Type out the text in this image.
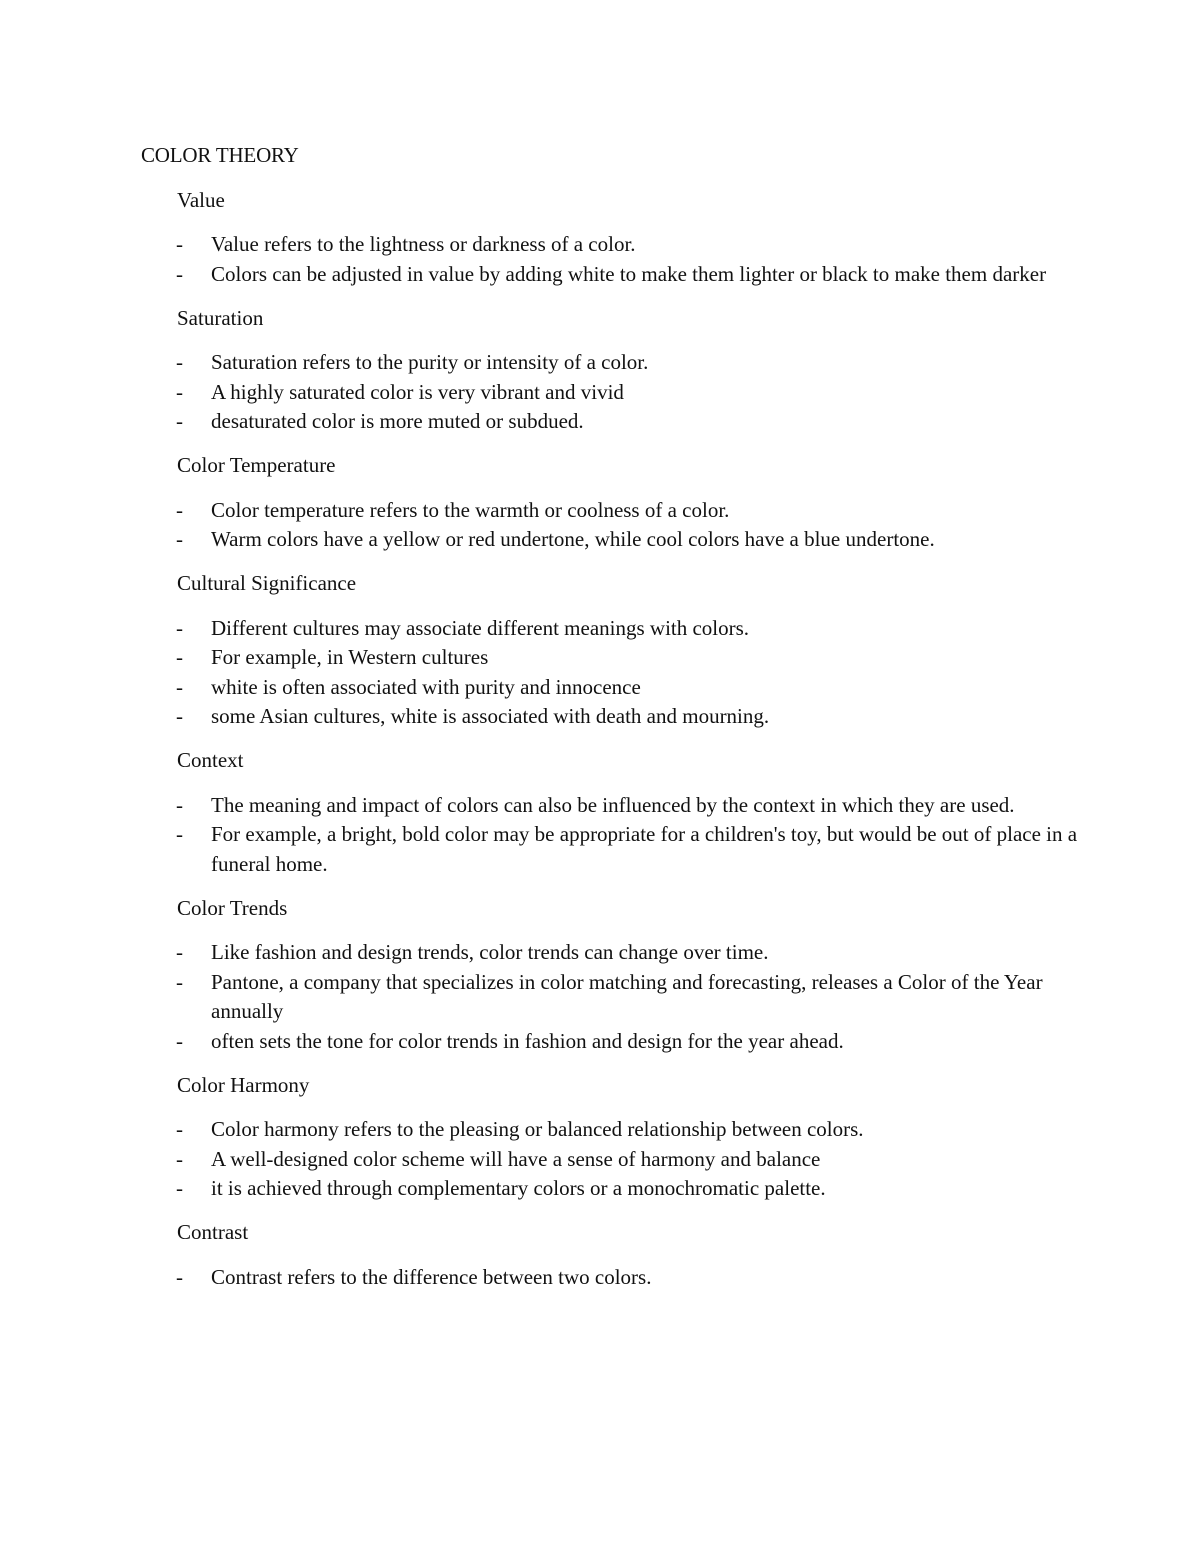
COLOR THEORY
Value
- Value refers to the lightness or darkness of a color.
- Colors can be adjusted in value by adding white to make them lighter or black to make them darker
Saturation
- Saturation refers to the purity or intensity of a color.
- A highly saturated color is very vibrant and vivid
- desaturated color is more muted or subdued.
Color Temperature
- Color temperature refers to the warmth or coolness of a color.
- Warm colors have a yellow or red undertone, while cool colors have a blue undertone.
Cultural Significance
- Different cultures may associate different meanings with colors.
- For example, in Western cultures
- white is often associated with purity and innocence
- some Asian cultures, white is associated with death and mourning.
Context
- The meaning and impact of colors can also be influenced by the context in which they are used.
- For example, a bright, bold color may be appropriate for a children's toy, but would be out of place in a funeral home.
Color Trends
- Like fashion and design trends, color trends can change over time.
- Pantone, a company that specializes in color matching and forecasting, releases a Color of the Year annually
- often sets the tone for color trends in fashion and design for the year ahead.
Color Harmony
- Color harmony refers to the pleasing or balanced relationship between colors.
- A well-designed color scheme will have a sense of harmony and balance
- it is achieved through complementary colors or a monochromatic palette.
Contrast
- Contrast refers to the difference between two colors.
